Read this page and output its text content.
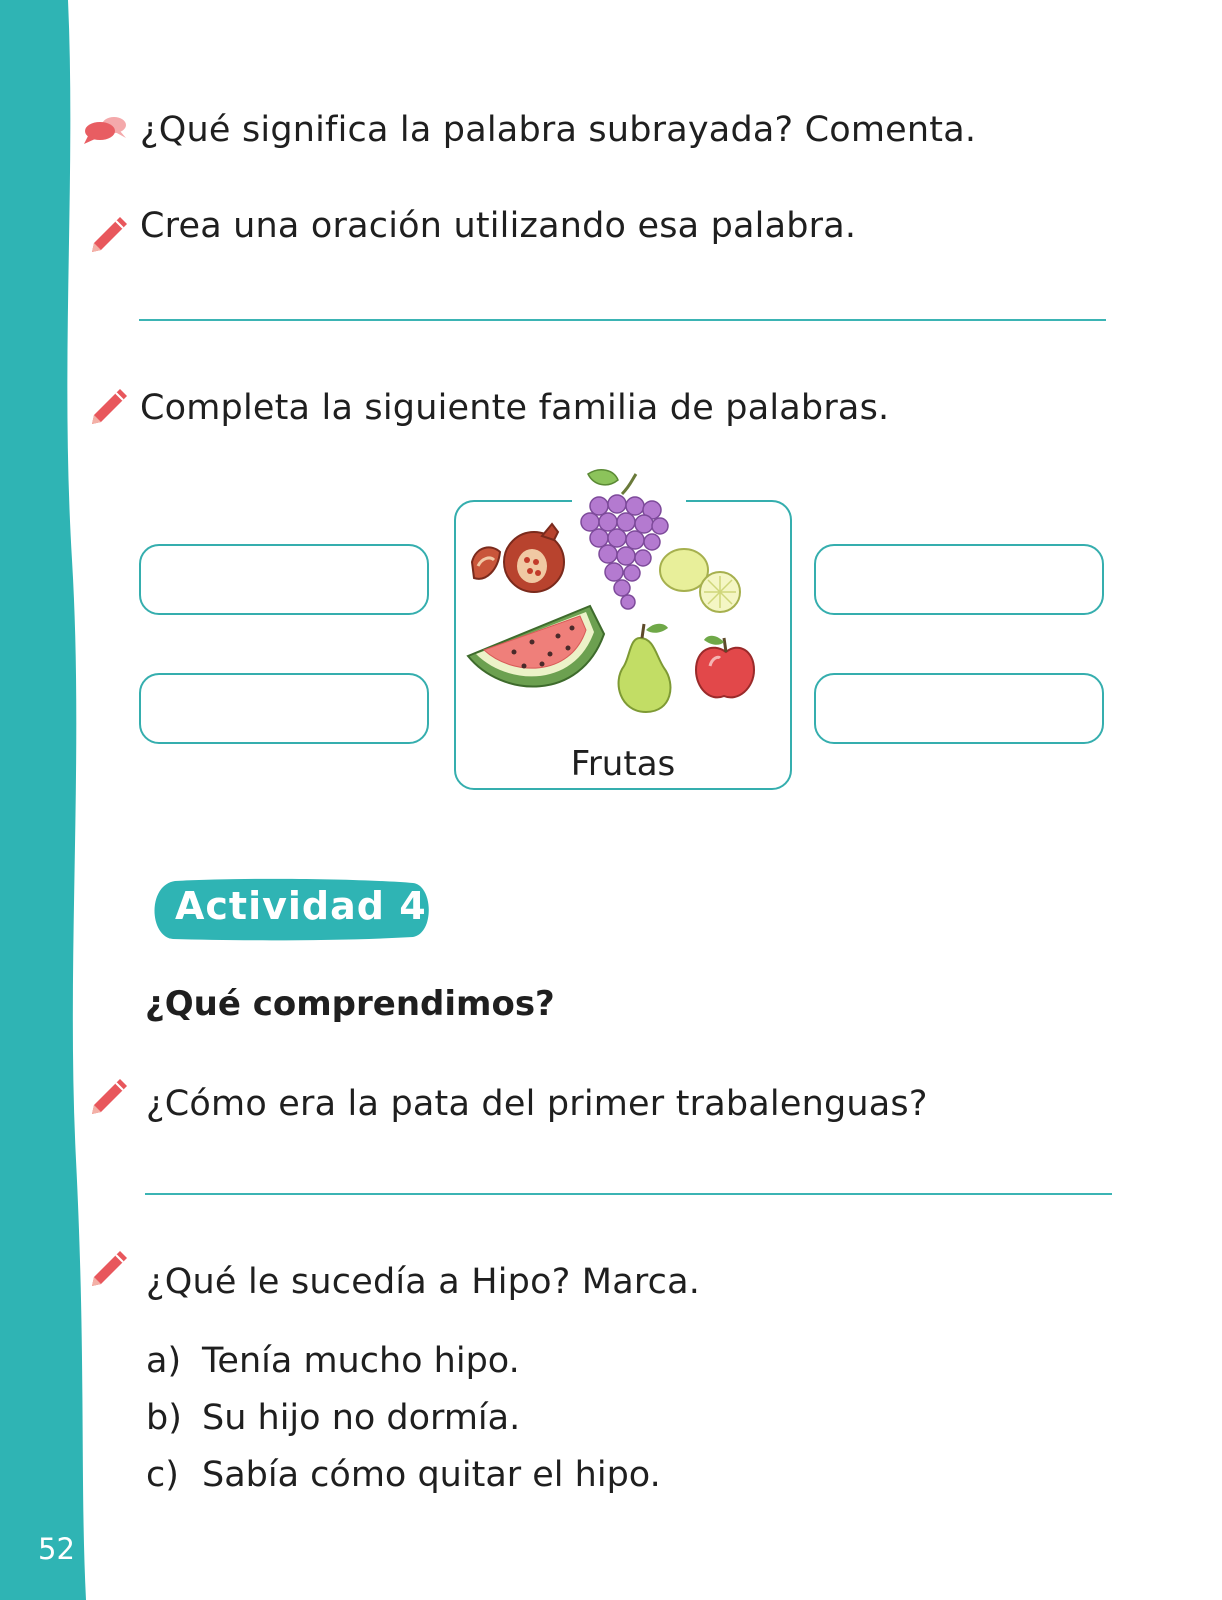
52
¿Qué significa la palabra subrayada? Comenta.
Crea una oración utilizando esa palabra.
Completa la siguiente familia de palabras.
Frutas
Actividad 4
¿Qué comprendimos?
¿Cómo era la pata del primer trabalenguas?
¿Qué le sucedía a Hipo? Marca.
a) Tenía mucho hipo.
b) Su hijo no dormía.
c) Sabía cómo quitar el hipo.
